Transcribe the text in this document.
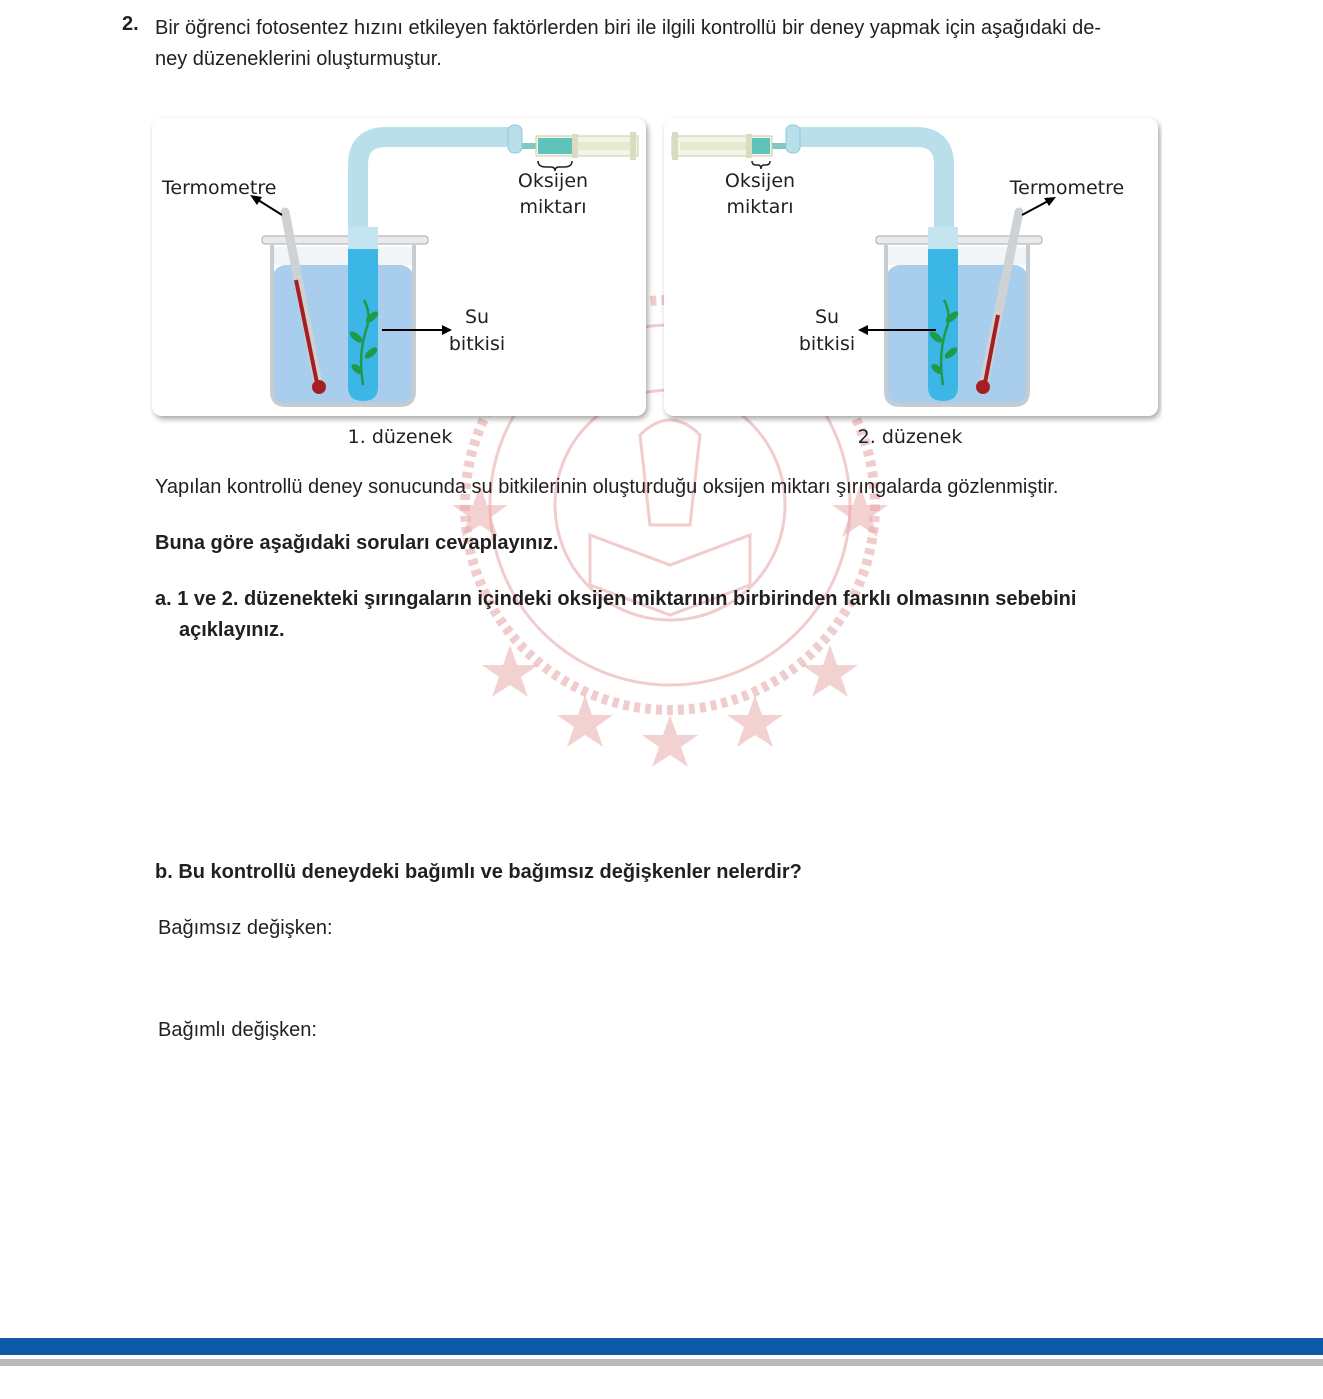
2. Bir öğrenci fotosentez hızını etkileyen faktörlerden biri ile ilgili kontrollü bir deney yapmak için aşağıdaki de-
ney düzeneklerini oluşturmuştur.
Termometre	Oksijen
miktarı
Su
bitkisi
1. düzenek
Termometre
Oksijen
miktarı
Su
bitkisi
2. düzenek
Yapılan kontrollü deney sonucunda su bitkilerinin oluşturduğu oksijen miktarı şırıngalarda gözlenmiştir.
Buna göre aşağıdaki soruları cevaplayınız.
a. 1 ve 2. düzenekteki şırıngaların içindeki oksijen miktarının birbirinden farklı olmasının sebebini
açıklayınız.
b. Bu kontrollü deneydeki bağımlı ve bağımsız değişkenler nelerdir?
Bağımsız değişken:
Bağımlı değişken:
